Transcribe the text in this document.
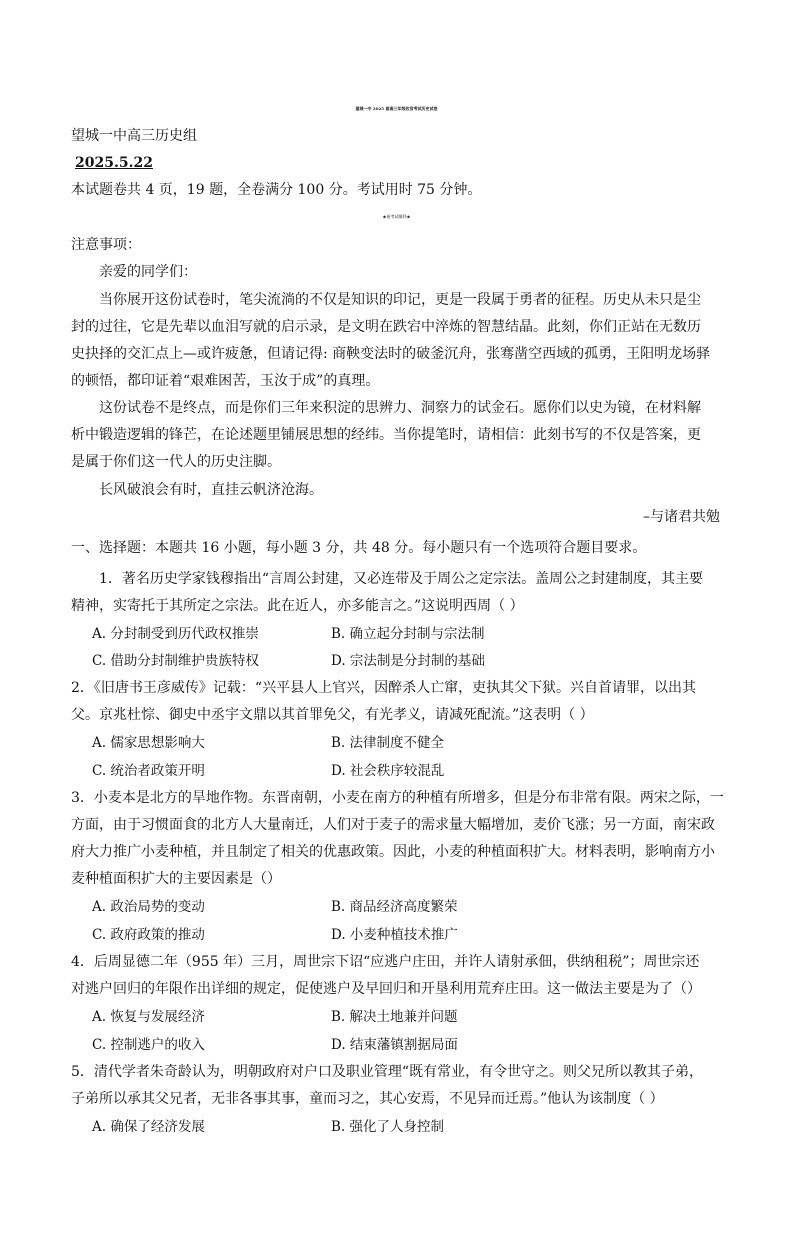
望城一中 2025 届高三年级收官考试历史试卷
望城一中高三历史组
2025.5.22
本试题卷共 4 页，19 题，全卷满分 100 分。考试用时 75 分钟。
★祝考试顺利★
注意事项：
亲爱的同学们：
当你展开这份试卷时，笔尖流淌的不仅是知识的印记，更是一段属于勇者的征程。历史从未只是尘
封的过往，它是先辈以血泪写就的启示录，是文明在跌宕中淬炼的智慧结晶。此刻，你们正站在无数历
史抉择的交汇点上—或许疲惫，但请记得: 商鞅变法时的破釜沉舟，张骞凿空西域的孤勇，王阳明龙场驿
的顿悟，都印证着“艰难困苦，玉汝于成”的真理。
这份试卷不是终点，而是你们三年来积淀的思辨力、洞察力的试金石。愿你们以史为镜，在材料解
析中锻造逻辑的锋芒，在论述题里铺展思想的经纬。当你提笔时，请相信：此刻书写的不仅是答案，更
是属于你们这一代人的历史注脚。
长风破浪会有时，直挂云帆济沧海。
–与诸君共勉
一、选择题：本题共 16 小题，每小题 3 分，共 48 分。每小题只有一个选项符合题目要求。
1．著名历史学家钱穆指出“言周公封建，又必连带及于周公之定宗法。盖周公之封建制度，其主要
精神，实寄托于其所定之宗法。此在近人，亦多能言之。”这说明西周（ ）
A. 分封制受到历代政权推崇	B. 确立起分封制与宗法制
C. 借助分封制维护贵族特权	D. 宗法制是分封制的基础
2．《旧唐书王彦威传》记载：“兴平县人上官兴，因醉杀人亡窜，吏执其父下狱。兴自首请罪，以出其
父。京兆杜悰、御史中丞宇文鼎以其首罪免父，有光孝义，请减死配流。”这表明（ ）
A. 儒家思想影响大	B. 法律制度不健全
C. 统治者政策开明	D. 社会秩序较混乱
3．小麦本是北方的旱地作物。东晋南朝，小麦在南方的种植有所增多，但是分布非常有限。两宋之际，一
方面，由于习惯面食的北方人大量南迁，人们对于麦子的需求量大幅增加，麦价飞涨；另一方面，南宋政
府大力推广小麦种植，并且制定了相关的优惠政策。因此，小麦的种植面积扩大。材料表明，影响南方小
麦种植面积扩大的主要因素是（）
A. 政治局势的变动	B. 商品经济高度繁荣
C. 政府政策的推动	D. 小麦种植技术推广
4．后周显德二年（955 年）三月，周世宗下诏“应逃户庄田，并许人请射承佃，供纳租税”；周世宗还
对逃户回归的年限作出详细的规定，促使逃户及早回归和开垦利用荒弃庄田。这一做法主要是为了（）
A. 恢复与发展经济	B. 解决土地兼并问题
C. 控制逃户的收入	D. 结束藩镇割据局面
5．清代学者朱奇龄认为，明朝政府对户口及职业管理“既有常业，有令世守之。则父兄所以教其子弟，
子弟所以承其父兄者，无非各事其事，童而习之，其心安焉，不见异而迁焉。”他认为该制度（ ）
A. 确保了经济发展	B. 强化了人身控制
